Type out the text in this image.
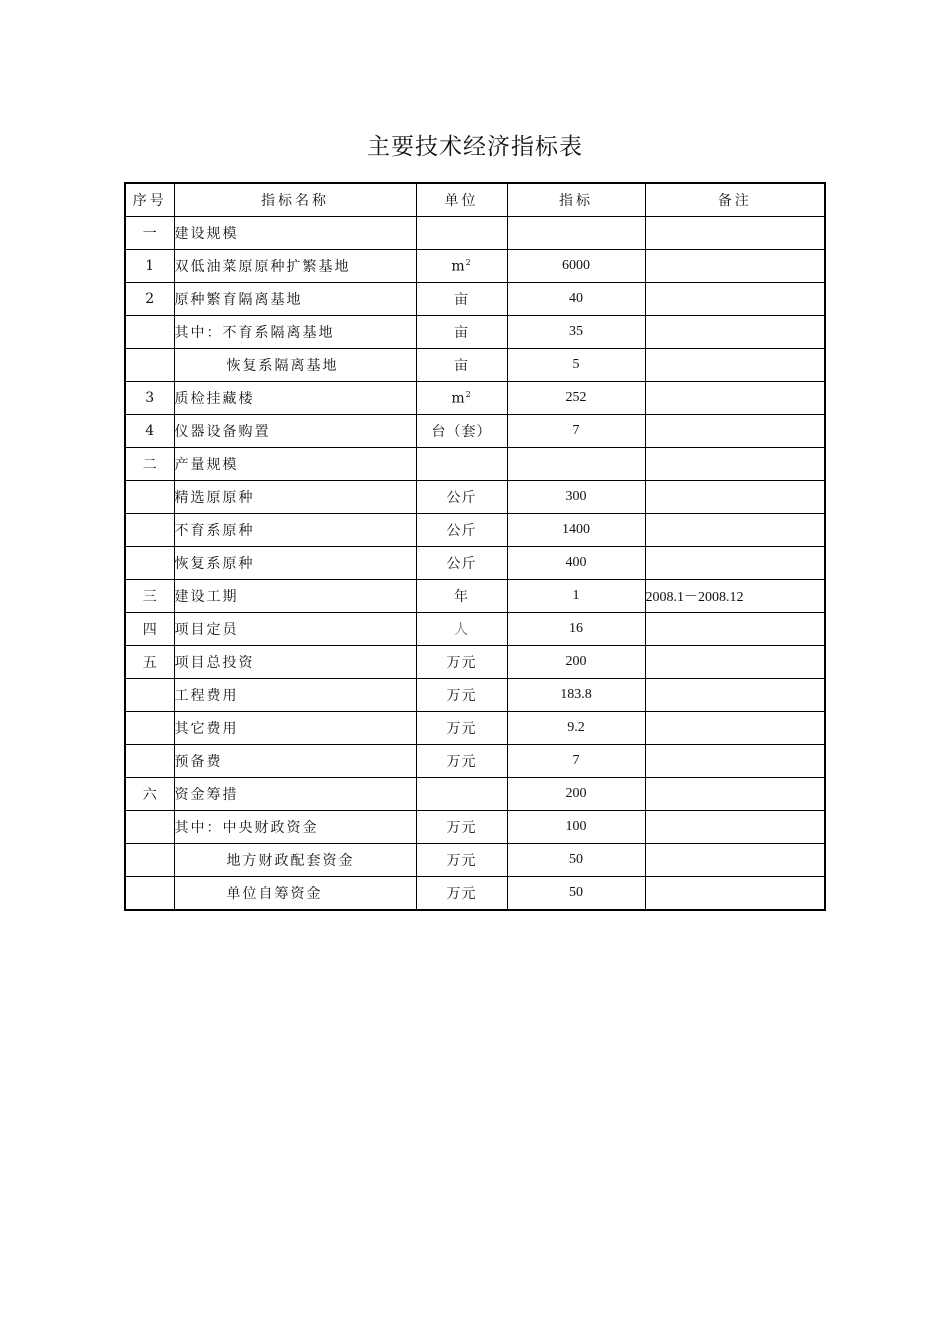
主要技术经济指标表
序号	指标名称	单位	指标	备注
一	建设规模			
1	双低油菜原原种扩繁基地	$m^2$	6000	
2	原种繁育隔离基地	亩	40	
	其中：不育系隔离基地	亩	35	
	恢复系隔离基地	亩	5	
3	质检挂藏楼	$m^2$	252	
4	仪器设备购置	台（套）	7	
二	产量规模			
	精选原原种	公斤	300	
	不育系原种	公斤	1400	
	恢复系原种	公斤	400	
三	建设工期	年	1	2008.1－2008.12
四	项目定员	人	16	
五	项目总投资	万元	200	
	工程费用	万元	183.8	
	其它费用	万元	9.2	
	预备费	万元	7	
六	资金筹措		200	
	其中：中央财政资金	万元	100	
	地方财政配套资金	万元	50	
	单位自筹资金	万元	50	
